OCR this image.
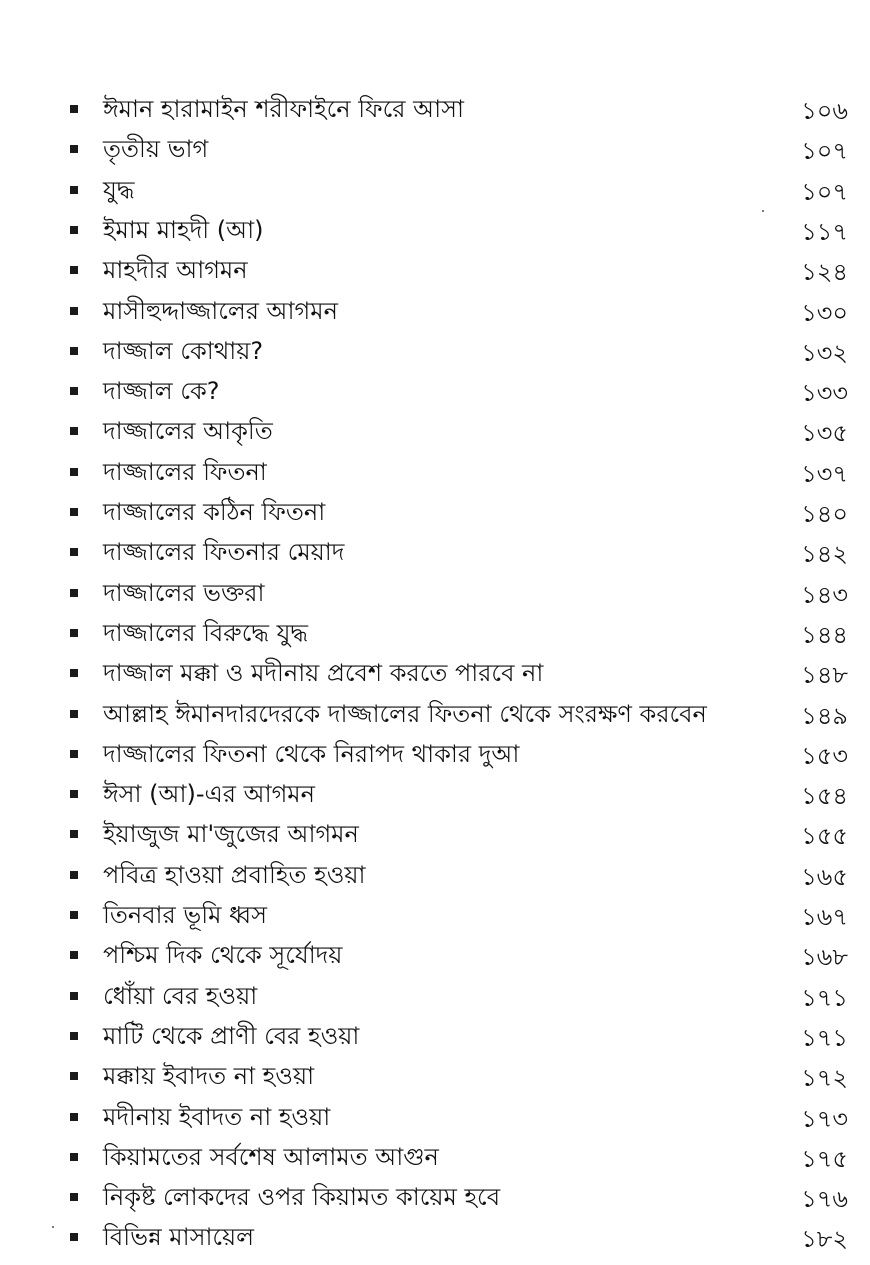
ঈমান হারামাইন শরীফাইনে ফিরে আসা	১০৬
তৃতীয় ভাগ	১০৭
যুদ্ধ	১০৭
ইমাম মাহদী (আ)	১১৭
মাহদীর আগমন	১২৪
মাসীহুদ্দাজ্জালের আগমন	১৩০
দাজ্জাল কোথায়?	১৩২
দাজ্জাল কে?	১৩৩
দাজ্জালের আকৃতি	১৩৫
দাজ্জালের ফিতনা	১৩৭
দাজ্জালের কঠিন ফিতনা	১৪০
দাজ্জালের ফিতনার মেয়াদ	১৪২
দাজ্জালের ভক্তরা	১৪৩
দাজ্জালের বিরুদ্ধে যুদ্ধ	১৪৪
দাজ্জাল মক্কা ও মদীনায় প্রবেশ করতে পারবে না	১৪৮
আল্লাহ ঈমানদারদেরকে দাজ্জালের ফিতনা থেকে সংরক্ষণ করবেন	১৪৯
দাজ্জালের ফিতনা থেকে নিরাপদ থাকার দুআ	১৫৩
ঈসা (আ)-এর আগমন	১৫৪
ইয়াজুজ মা'জুজের আগমন	১৫৫
পবিত্র হাওয়া প্রবাহিত হওয়া	১৬৫
তিনবার ভূমি ধ্বস	১৬৭
পশ্চিম দিক থেকে সূর্যোদয়	১৬৮
ধোঁয়া বের হওয়া	১৭১
মাটি থেকে প্রাণী বের হওয়া	১৭১
মক্কায় ইবাদত না হওয়া	১৭২
মদীনায় ইবাদত না হওয়া	১৭৩
কিয়ামতের সর্বশেষ আলামত আগুন	১৭৫
নিকৃষ্ট লোকদের ওপর কিয়ামত কায়েম হবে	১৭৬
বিভিন্ন মাসায়েল	১৮২
